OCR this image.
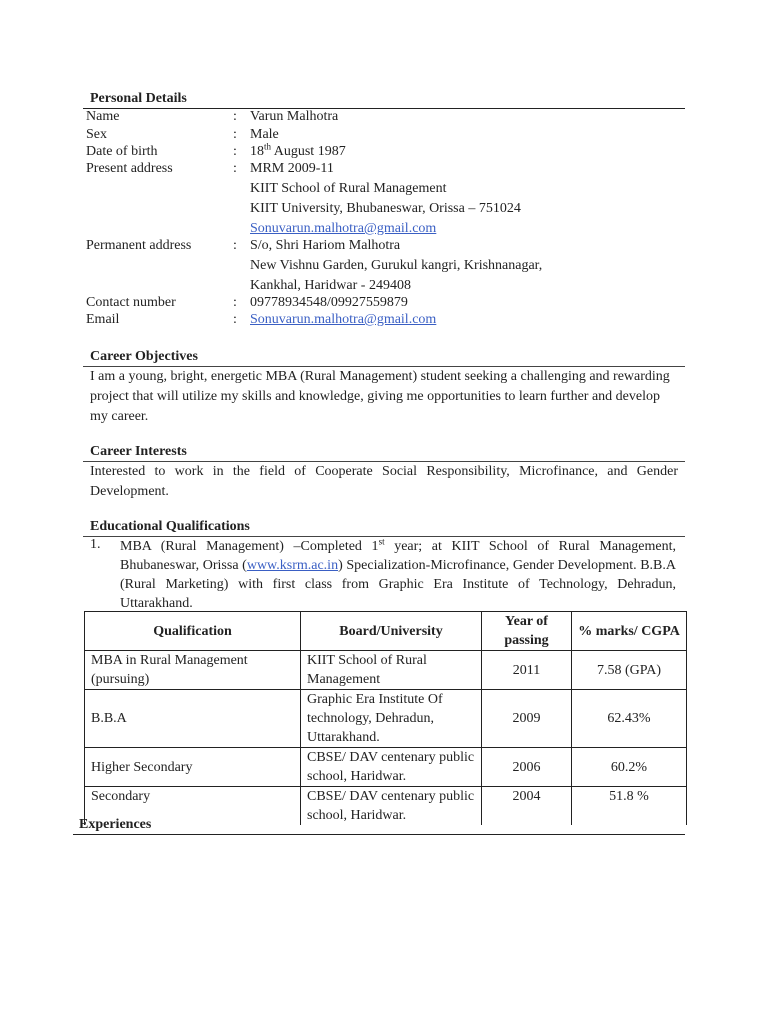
Personal Details
Name	: Varun Malhotra
Sex	: Male
Date of birth	: 18th August 1987
Present address	: MRM 2009-11
KIIT School of Rural Management
KIIT University, Bhubaneswar, Orissa – 751024
Sonuvarun.malhotra@gmail.com
Permanent address	: S/o, Shri Hariom Malhotra
New Vishnu Garden, Gurukul kangri, Krishnanagar,
Kankhal, Haridwar - 249408
Contact number	: 09778934548/09927559879
Email	: Sonuvarun.malhotra@gmail.com
Career Objectives
I am a young, bright, energetic MBA (Rural Management) student seeking a challenging and rewarding project that will utilize my skills and knowledge, giving me opportunities to learn further and develop my career.
Career Interests
Interested to work in the field of Cooperate Social Responsibility, Microfinance, and Gender Development.
Educational Qualifications
1. MBA (Rural Management) –Completed 1st year; at KIIT School of Rural Management, Bhubaneswar, Orissa (www.ksrm.ac.in) Specialization-Microfinance, Gender Development. B.B.A (Rural Marketing) with first class from Graphic Era Institute of Technology, Dehradun, Uttarakhand.
Qualification	Board/University	Year of passing	% marks/ CGPA
MBA in Rural Management (pursuing)	KIIT School of Rural Management	2011	7.58 (GPA)
B.B.A	Graphic Era Institute Of technology, Dehradun, Uttarakhand.	2009	62.43%
Higher Secondary	CBSE/ DAV centenary public school, Haridwar.	2006	60.2%
Secondary	CBSE/ DAV centenary public school, Haridwar.	2004	51.8 %
Experiences
